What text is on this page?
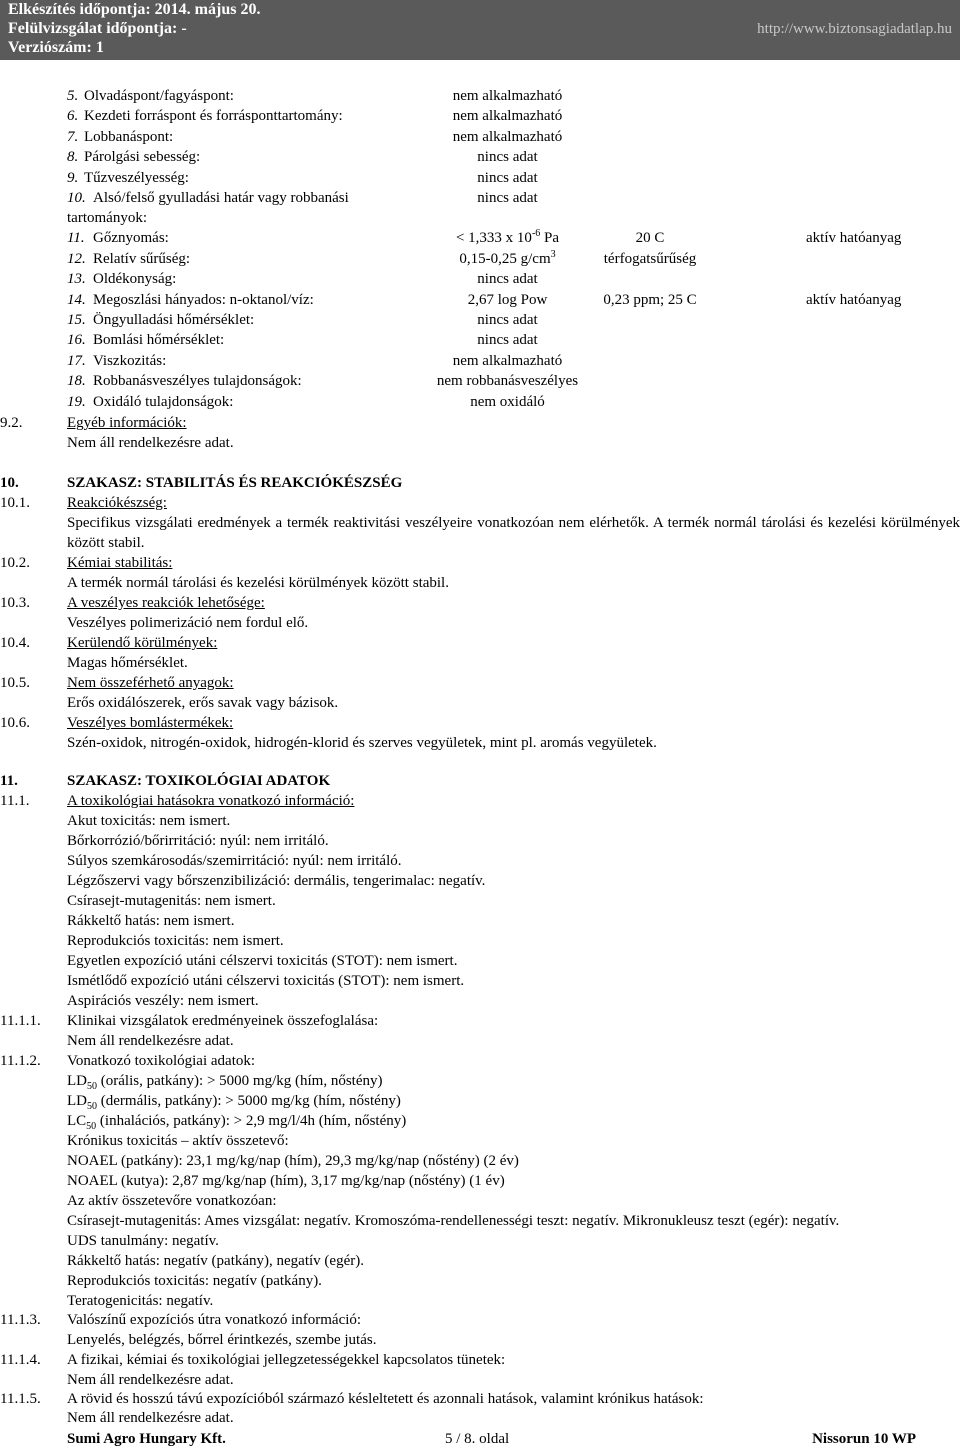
Elkészítés időpontja: 2014. május 20.
Felülvizsgálat időpontja: -
Verziószám: 1
http://www.biztonsagiadatlap.hu
5. Olvadáspont/fagyáspont:	nem alkalmazható
6. Kezdeti forráspont és forrásponttartomány:	nem alkalmazható
7. Lobbanáspont:	nem alkalmazható
8. Párolgási sebesség:	nincs adat
9. Tűzveszélyesség:	nincs adat
10. Alsó/felső gyulladási határ vagy robbanási	nincs adat
tartományok:
11. Gőznyomás:	< 1,333 x $10^{-6}$ Pa	20 C	aktív hatóanyag
12. Relatív sűrűség:	0,15-0,25 $g/cm^3$	térfogatsűrűség
13. Oldékonyság:	nincs adat
14. Megoszlási hányados: n-oktanol/víz:	2,67 log Pow	0,23 ppm; 25 C	aktív hatóanyag
15. Öngyulladási hőmérséklet:	nincs adat
16. Bomlási hőmérséklet:	nincs adat
17. Viszkozitás:	nem alkalmazható
18. Robbanásveszélyes tulajdonságok:	nem robbanásveszélyes
19. Oxidáló tulajdonságok:	nem oxidáló
9.2.	Egyéb információk:
Nem áll rendelkezésre adat.
10.	SZAKASZ: STABILITÁS ÉS REAKCIÓKÉSZSÉG
10.1. Reakciókészség:
Specifikus vizsgálati eredmények a termék reaktivitási veszélyeire vonatkozóan nem elérhetők. A termék normál tárolási és kezelési körülmények között stabil.
10.2. Kémiai stabilitás:
A termék normál tárolási és kezelési körülmények között stabil.
10.3. A veszélyes reakciók lehetősége:
Veszélyes polimerizáció nem fordul elő.
10.4. Kerülendő körülmények:
Magas hőmérséklet.
10.5. Nem összeférhető anyagok:
Erős oxidálószerek, erős savak vagy bázisok.
10.6. Veszélyes bomlástermékek:
Szén-oxidok, nitrogén-oxidok, hidrogén-klorid és szerves vegyületek, mint pl. aromás vegyületek.
11.	SZAKASZ: TOXIKOLÓGIAI ADATOK
11.1.	A toxikológiai hatásokra vonatkozó információ:
Akut toxicitás: nem ismert.
Bőrkorrózió/bőrirritáció: nyúl: nem irritáló.
Súlyos szemkárosodás/szemirritáció: nyúl: nem irritáló.
Légzőszervi vagy bőrszenzibilizáció: dermális, tengerimalac: negatív.
Csírasejt-mutagenitás: nem ismert.
Rákkeltő hatás: nem ismert.
Reprodukciós toxicitás: nem ismert.
Egyetlen expozíció utáni célszervi toxicitás (STOT): nem ismert.
Ismétlődő expozíció utáni célszervi toxicitás (STOT): nem ismert.
Aspirációs veszély: nem ismert.
11.1.1. Klinikai vizsgálatok eredményeinek összefoglalása:
Nem áll rendelkezésre adat.
11.1.2. Vonatkozó toxikológiai adatok:
$LD_{50}$ (orális, patkány): > 5000 mg/kg (hím, nőstény)
$LD_{50}$ (dermális, patkány): > 5000 mg/kg (hím, nőstény)
$LC_{50}$ (inhalációs, patkány): > 2,9 mg/l/4h (hím, nőstény)
Krónikus toxicitás – aktív összetevő:
NOAEL (patkány): 23,1 mg/kg/nap (hím), 29,3 mg/kg/nap (nőstény) (2 év)
NOAEL (kutya): 2,87 mg/kg/nap (hím), 3,17 mg/kg/nap (nőstény) (1 év)
Az aktív összetevőre vonatkozóan:
Csírasejt-mutagenitás: Ames vizsgálat: negatív. Kromoszóma-rendellenességi teszt: negatív. Mikronukleusz teszt (egér): negatív.
UDS tanulmány: negatív.
Rákkeltő hatás: negatív (patkány), negatív (egér).
Reprodukciós toxicitás: negatív (patkány).
Teratogenicitás: negatív.
11.1.3. Valószínű expozíciós útra vonatkozó információ:
Lenyelés, belégzés, bőrrel érintkezés, szembe jutás.
11.1.4. A fizikai, kémiai és toxikológiai jellegzetességekkel kapcsolatos tünetek:
Nem áll rendelkezésre adat.
11.1.5. A rövid és hosszú távú expozícióból származó késleltetett és azonnali hatások, valamint krónikus hatások:
Nem áll rendelkezésre adat.
Sumi Agro Hungary Kft.	5 / 8. oldal	Nissorun 10 WP
